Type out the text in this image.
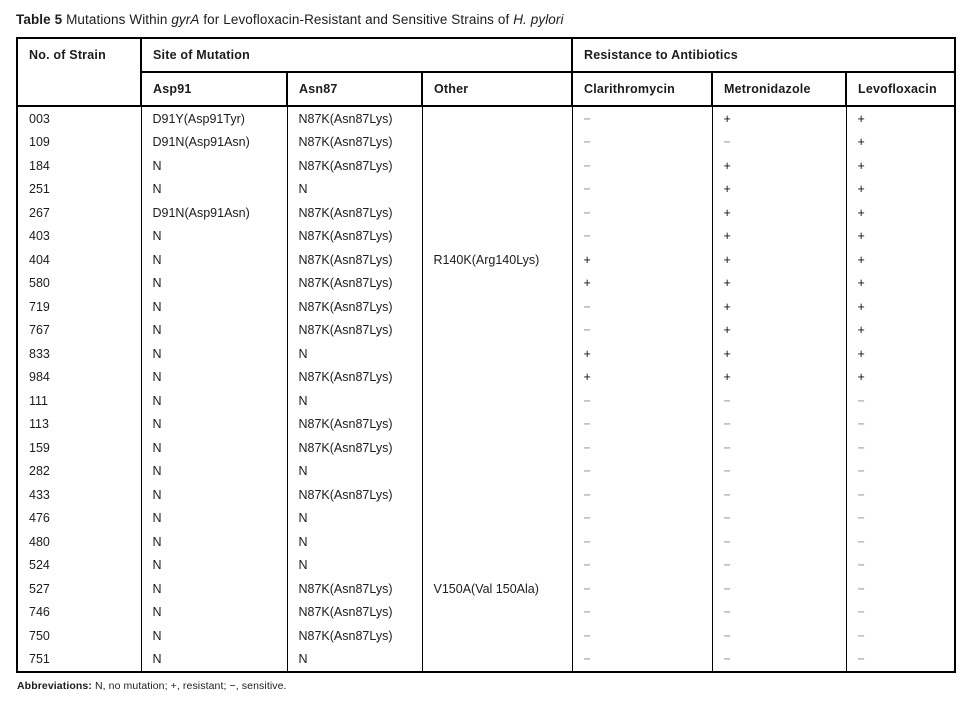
Table 5 Mutations Within gyrA for Levofloxacin-Resistant and Sensitive Strains of H. pylori
No. of Strain	Site of Mutation			Resistance to Antibiotics		
	Asp91	Asn87	Other	Clarithromycin	Metronidazole	Levofloxacin
003	D91Y(Asp91Tyr)	N87K(Asn87Lys)		−	+	+
109	D91N(Asp91Asn)	N87K(Asn87Lys)		−	−	+
184	N	N87K(Asn87Lys)		−	+	+
251	N	N		−	+	+
267	D91N(Asp91Asn)	N87K(Asn87Lys)		−	+	+
403	N	N87K(Asn87Lys)		−	+	+
404	N	N87K(Asn87Lys)	R140K(Arg140Lys)	+	+	+
580	N	N87K(Asn87Lys)		+	+	+
719	N	N87K(Asn87Lys)		−	+	+
767	N	N87K(Asn87Lys)		−	+	+
833	N	N		+	+	+
984	N	N87K(Asn87Lys)		+	+	+
111	N	N		−	−	−
113	N	N87K(Asn87Lys)		−	−	−
159	N	N87K(Asn87Lys)		−	−	−
282	N	N		−	−	−
433	N	N87K(Asn87Lys)		−	−	−
476	N	N		−	−	−
480	N	N		−	−	−
524	N	N		−	−	−
527	N	N87K(Asn87Lys)	V150A(Val 150Ala)	−	−	−
746	N	N87K(Asn87Lys)		−	−	−
750	N	N87K(Asn87Lys)		−	−	−
751	N	N		−	−	−
Abbreviations: N, no mutation; +, resistant; −, sensitive.
